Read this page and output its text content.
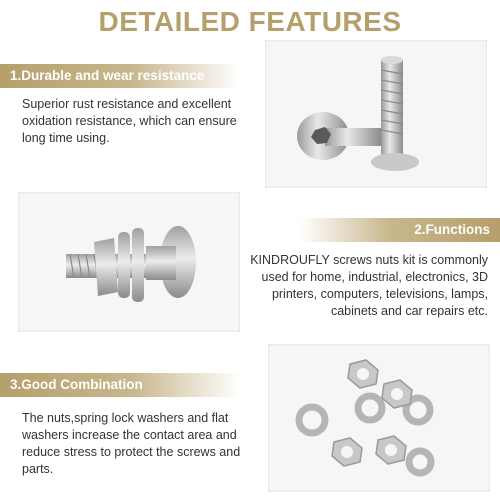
DETAILED FEATURES
1.Durable and wear resistance
Superior rust resistance and excellent
oxidation resistance, which can ensure
long time using.
2.Functions
KINDROUFLY screws nuts kit is commonly
used for home, industrial, electronics, 3D
printers, computers, televisions, lamps,
cabinets and car repairs etc.
3.Good Combination
The nuts,spring lock washers and flat
washers increase the contact area and
reduce stress to protect the screws and
parts.
